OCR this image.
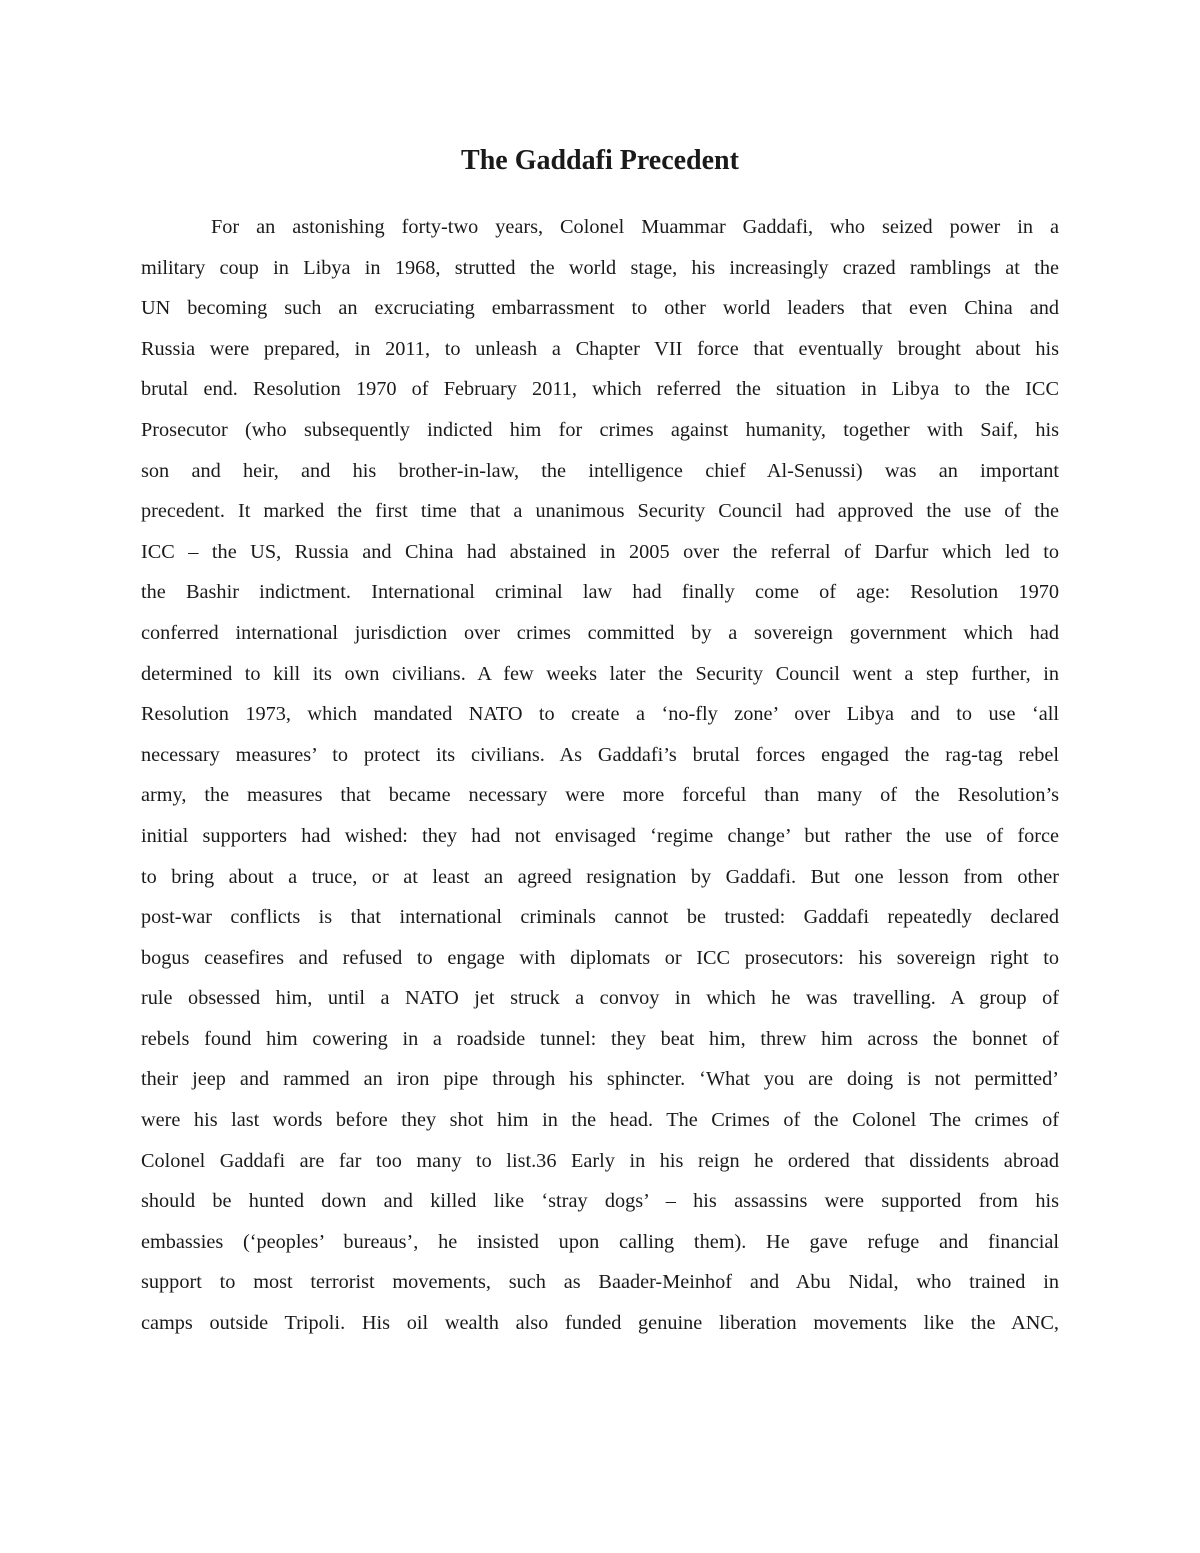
The Gaddafi Precedent
For an astonishing forty-two years, Colonel Muammar Gaddafi, who seized power in a
military coup in Libya in 1968, strutted the world stage, his increasingly crazed ramblings at the
UN becoming such an excruciating embarrassment to other world leaders that even China and
Russia were prepared, in 2011, to unleash a Chapter VII force that eventually brought about his
brutal end. Resolution 1970 of February 2011, which referred the situation in Libya to the ICC
Prosecutor (who subsequently indicted him for crimes against humanity, together with Saif, his
son and heir, and his brother-in-law, the intelligence chief Al-Senussi) was an important
precedent. It marked the first time that a unanimous Security Council had approved the use of the
ICC – the US, Russia and China had abstained in 2005 over the referral of Darfur which led to
the Bashir indictment. International criminal law had finally come of age: Resolution 1970
conferred international jurisdiction over crimes committed by a sovereign government which had
determined to kill its own civilians. A few weeks later the Security Council went a step further, in
Resolution 1973, which mandated NATO to create a ‘no-fly zone’ over Libya and to use ‘all
necessary measures’ to protect its civilians. As Gaddafi’s brutal forces engaged the rag-tag rebel
army, the measures that became necessary were more forceful than many of the Resolution’s
initial supporters had wished: they had not envisaged ‘regime change’ but rather the use of force
to bring about a truce, or at least an agreed resignation by Gaddafi. But one lesson from other
post-war conflicts is that international criminals cannot be trusted: Gaddafi repeatedly declared
bogus ceasefires and refused to engage with diplomats or ICC prosecutors: his sovereign right to
rule obsessed him, until a NATO jet struck a convoy in which he was travelling. A group of
rebels found him cowering in a roadside tunnel: they beat him, threw him across the bonnet of
their jeep and rammed an iron pipe through his sphincter. ‘What you are doing is not permitted’
were his last words before they shot him in the head. The Crimes of the Colonel The crimes of
Colonel Gaddafi are far too many to list.36 Early in his reign he ordered that dissidents abroad
should be hunted down and killed like ‘stray dogs’ – his assassins were supported from his
embassies (‘peoples’ bureaus’, he insisted upon calling them). He gave refuge and financial
support to most terrorist movements, such as Baader-Meinhof and Abu Nidal, who trained in
camps outside Tripoli. His oil wealth also funded genuine liberation movements like the ANC,
